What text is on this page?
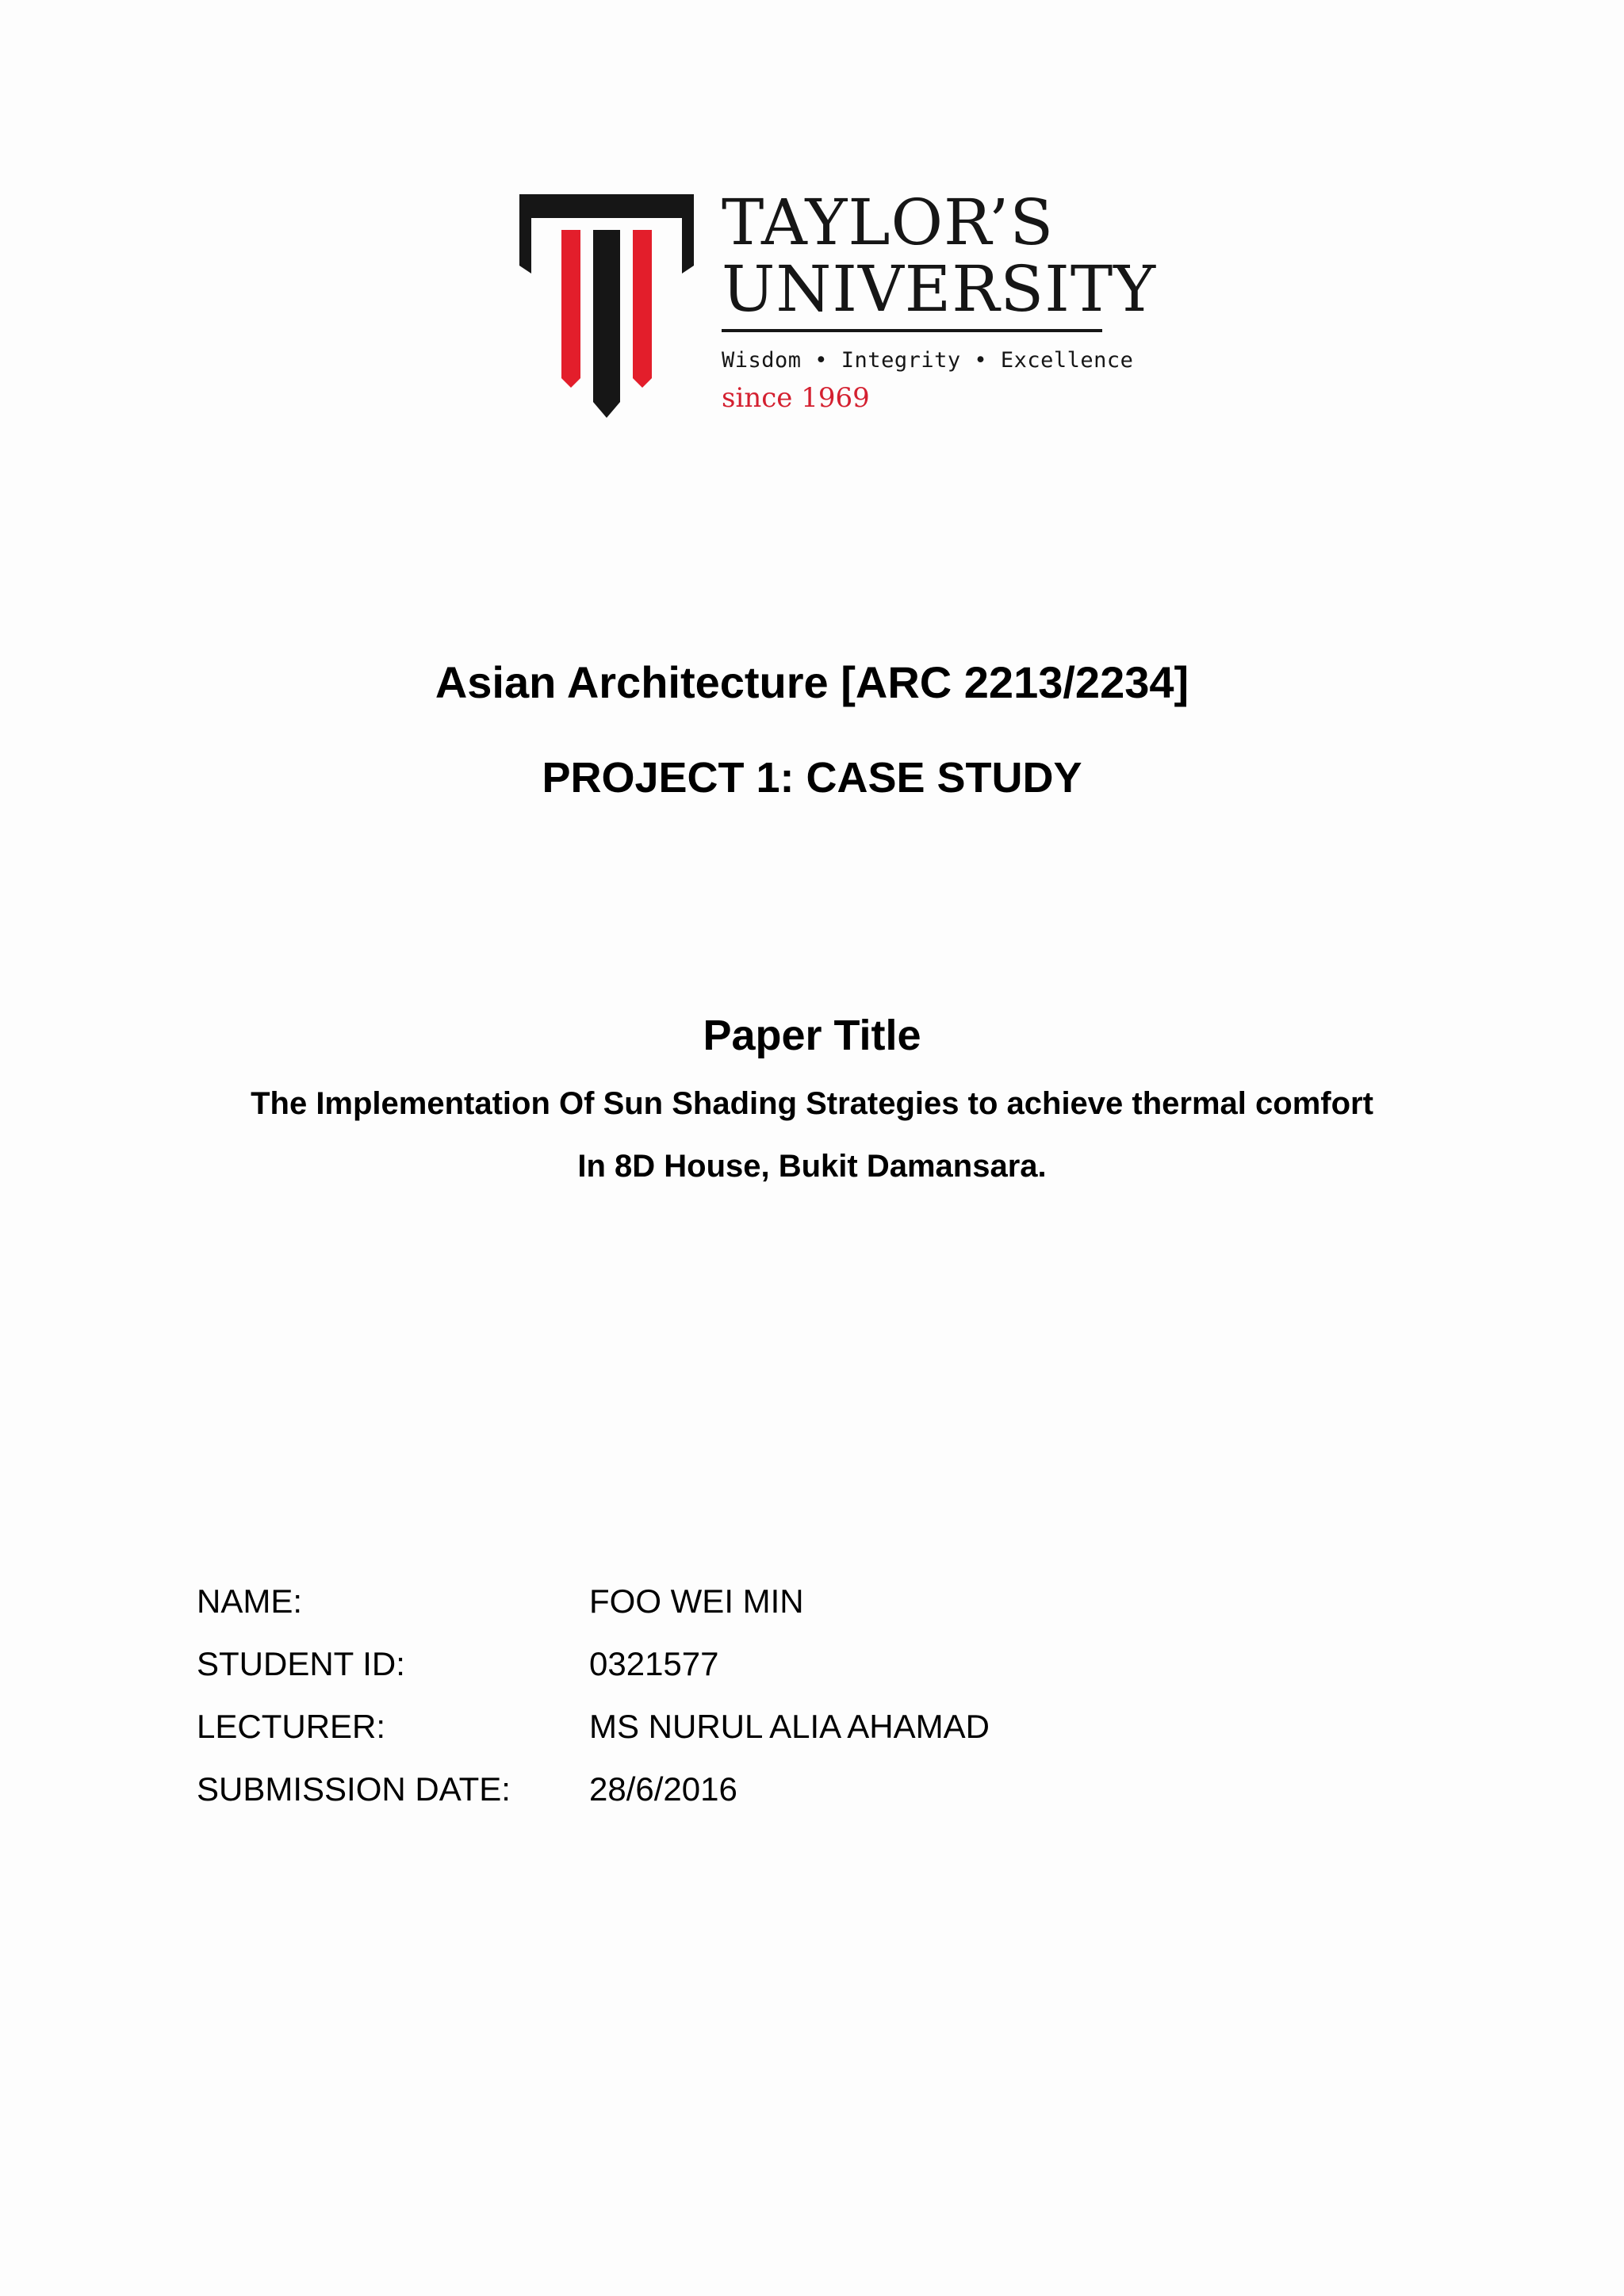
TAYLOR’S
UNIVERSITY
Wisdom • Integrity • Excellence
since 1969
Asian Architecture [ARC 2213/2234]
PROJECT 1: CASE STUDY
Paper Title
The Implementation Of Sun Shading Strategies to achieve thermal comfort
In 8D House, Bukit Damansara.
NAME:	FOO WEI MIN
STUDENT ID:	0321577
LECTURER:	MS NURUL ALIA AHAMAD
SUBMISSION DATE:	28/6/2016
